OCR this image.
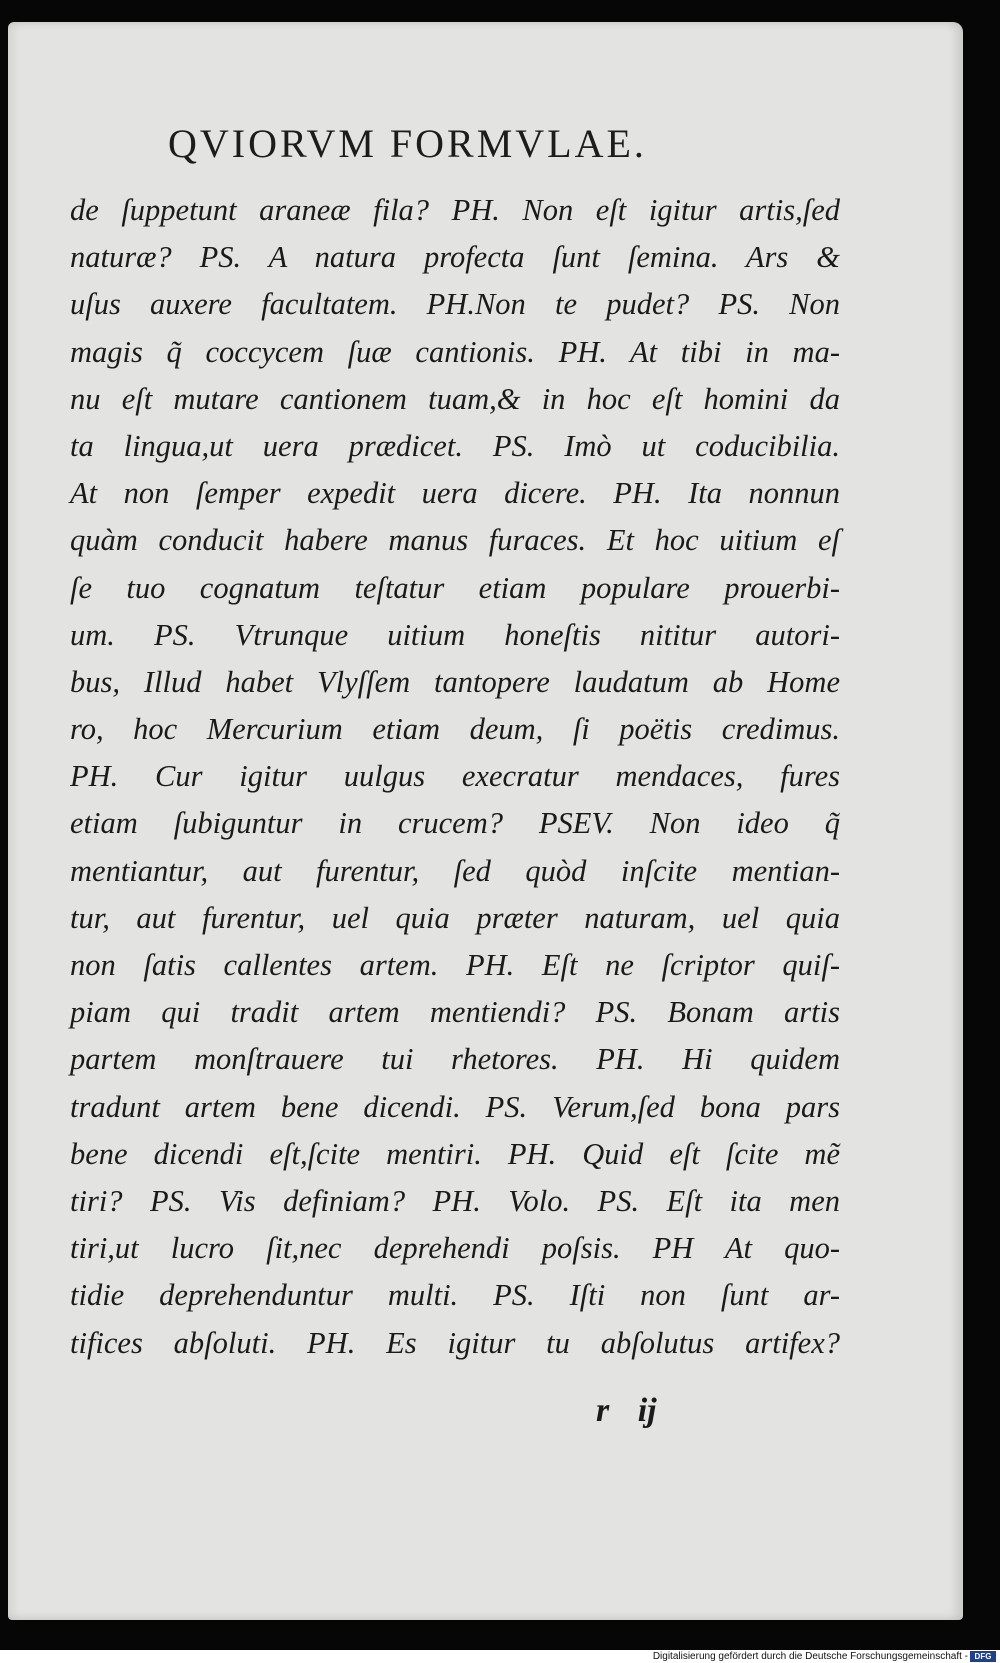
QVIORVM FORMVLAE.
de ſuppetunt araneæ fila? PH. Non eſt igitur artis,ſed
naturæ? PS. A natura profecta ſunt ſemina. Ars &
uſus auxere facultatem. PH.Non te pudet? PS. Non
magis q̃ coccycem ſuæ cantionis. PH. At tibi in ma-
nu eſt mutare cantionem tuam,& in hoc eſt homini da
ta lingua,ut uera prædicet. PS. Imò ut coducibilia.
At non ſemper expedit uera dicere. PH. Ita nonnun
quàm conducit habere manus furaces. Et hoc uitium eſ
ſe tuo cognatum teſtatur etiam populare prouerbi-
um. PS. Vtrunque uitium honeſtis nititur autori-
bus, Illud habet Vlyſſem tantopere laudatum ab Home
ro, hoc Mercurium etiam deum, ſi poëtis credimus.
PH. Cur igitur uulgus execratur mendaces, fures
etiam ſubiguntur in crucem? PSEV. Non ideo q̃
mentiantur, aut furentur, ſed quòd inſcite mentian-
tur, aut furentur, uel quia præter naturam, uel quia
non ſatis callentes artem. PH. Eſt ne ſcriptor quiſ-
piam qui tradit artem mentiendi? PS. Bonam artis
partem monſtrauere tui rhetores. PH. Hi quidem
tradunt artem bene dicendi. PS. Verum,ſed bona pars
bene dicendi eſt,ſcite mentiri. PH. Quid eſt ſcite mẽ
tiri? PS. Vis definiam? PH. Volo. PS. Eſt ita men
tiri,ut lucro ſit,nec deprehendi poſsis. PH At quo-
tidie deprehenduntur multi. PS. Iſti non ſunt ar-
tifices abſoluti. PH. Es igitur tu abſolutus artifex?
r ij
Digitalisierung gefördert durch die Deutsche Forschungsgemeinschaft - DFG
